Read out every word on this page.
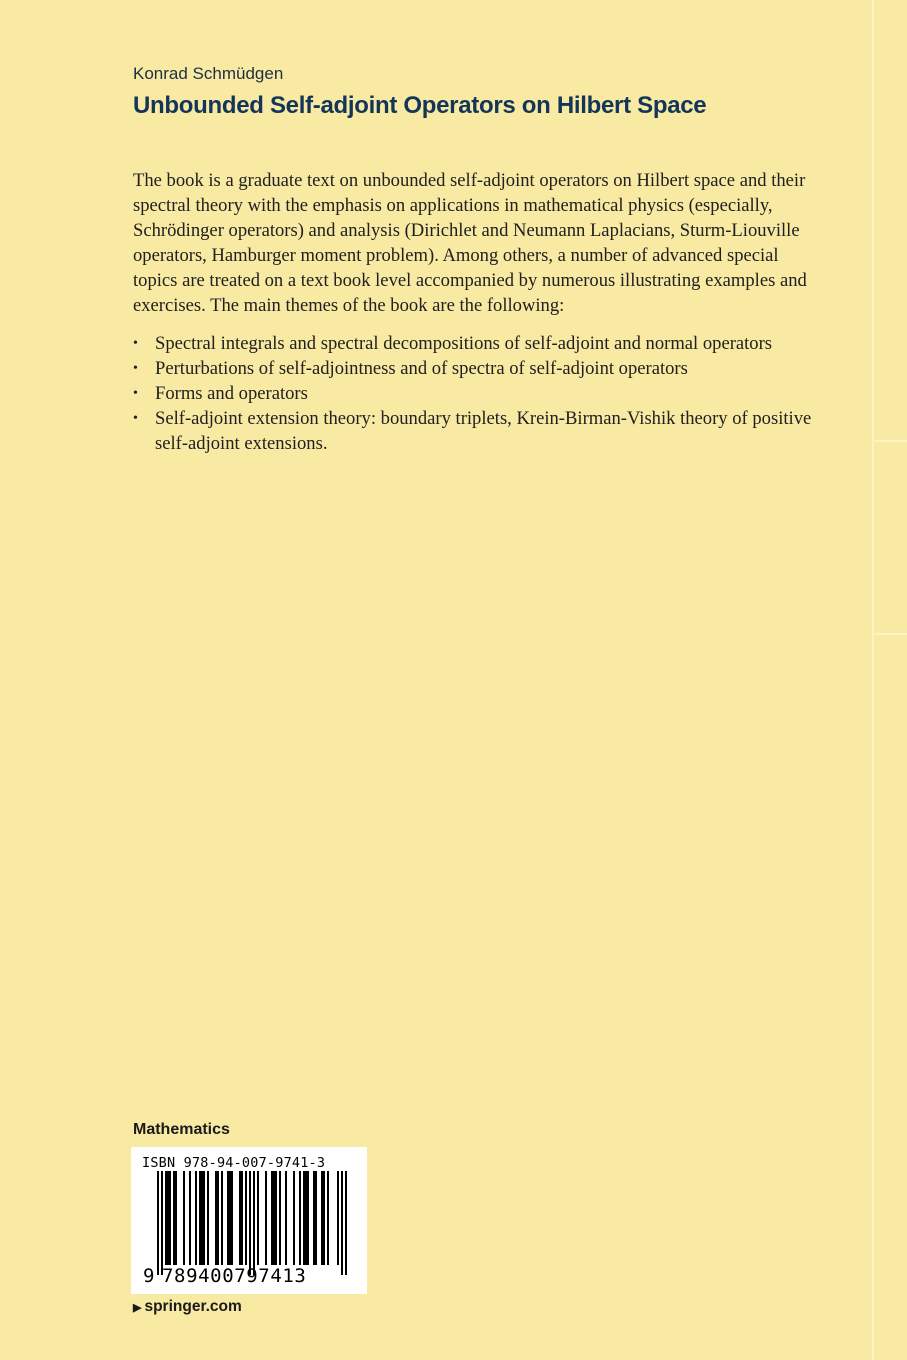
Konrad Schmüdgen
Unbounded Self-adjoint Operators on Hilbert Space

The book is a graduate text on unbounded self-adjoint operators on Hilbert space and their spectral theory with the emphasis on applications in mathematical physics (especially, Schrödinger operators) and analysis (Dirichlet and Neumann Laplacians, Sturm-Liouville operators, Hamburger moment problem). Among others, a number of advanced special topics are treated on a text book level accompanied by numerous illustrating examples and exercises. The main themes of the book are the following:

• Spectral integrals and spectral decompositions of self-adjoint and normal operators
• Perturbations of self-adjointness and of spectra of self-adjoint operators
• Forms and operators
• Self-adjoint extension theory: boundary triplets, Krein-Birman-Vishik theory of positive self-adjoint extensions.
Mathematics
ISBN 978-94-007-9741-3
9 789400797413
▶ springer.com
